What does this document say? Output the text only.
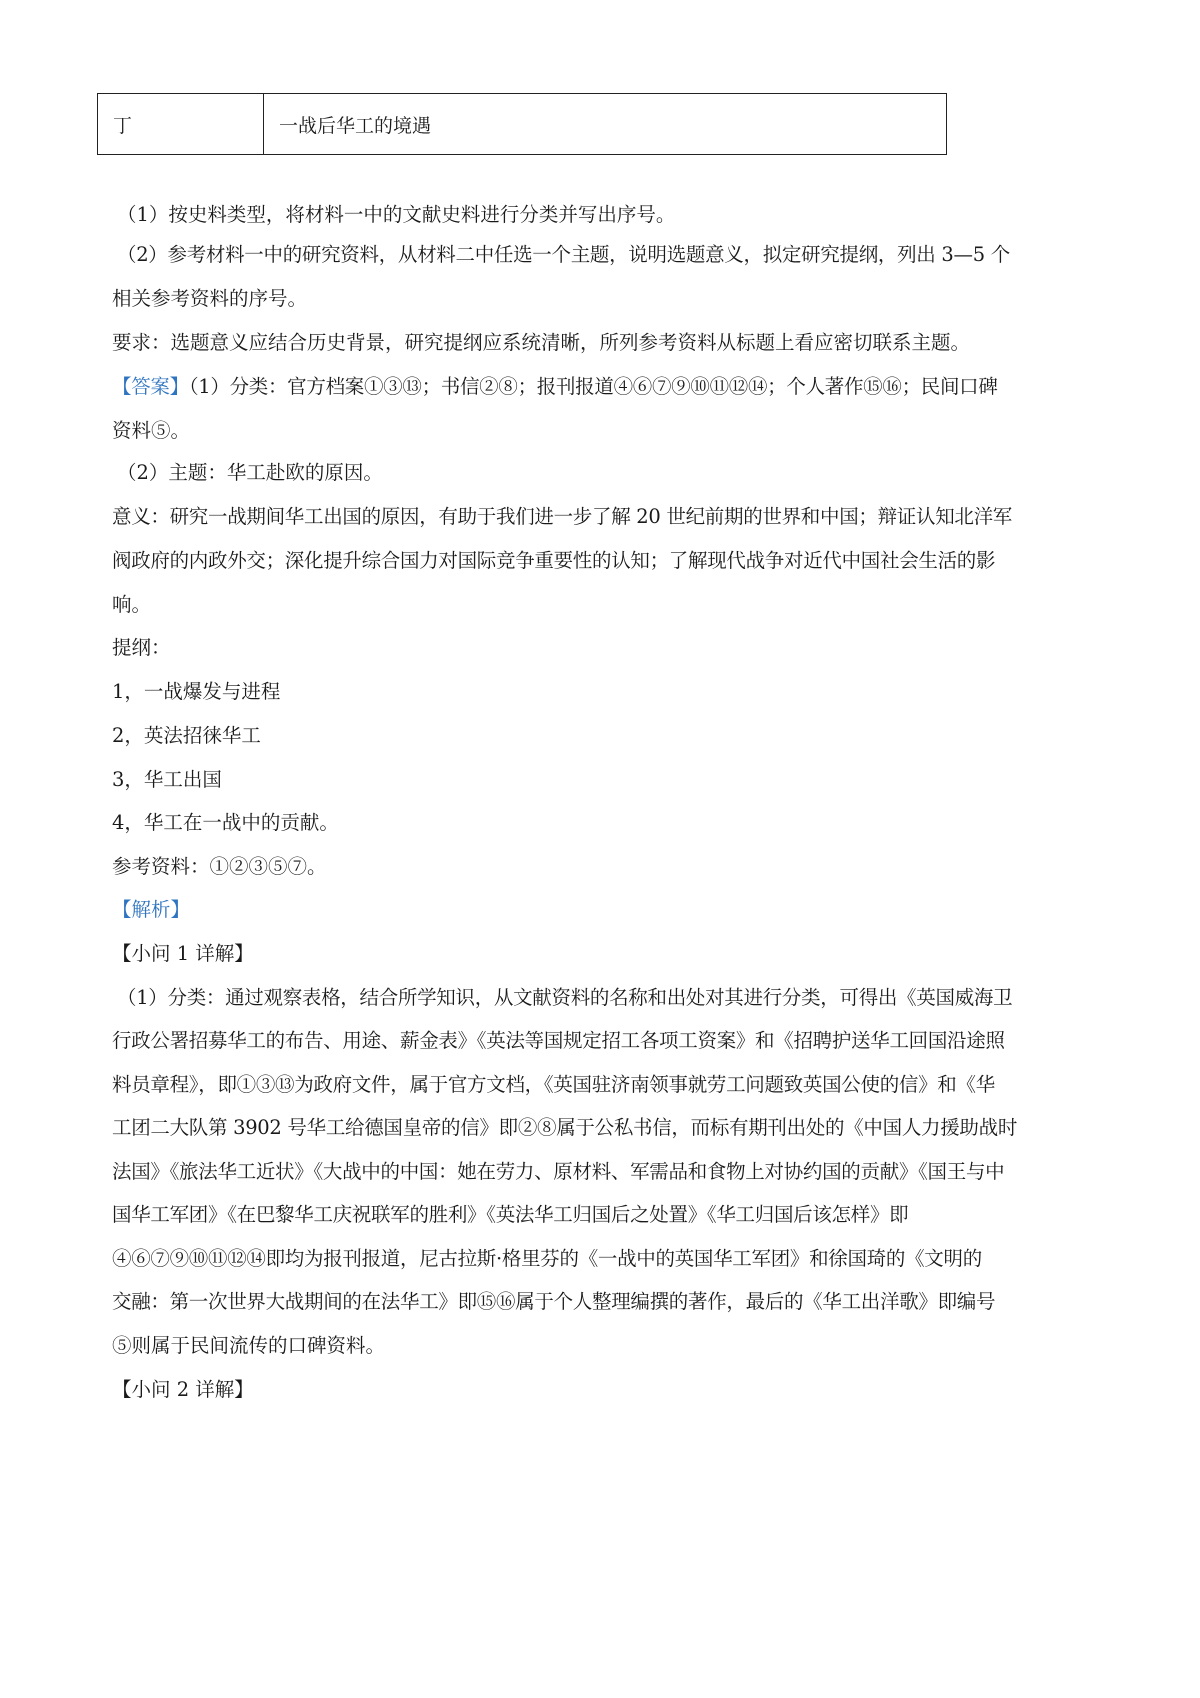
丁	一战后华工的境遇
（1）按史料类型，将材料一中的文献史料进行分类并写出序号。
（2）参考材料一中的研究资料，从材料二中任选一个主题，说明选题意义，拟定研究提纲，列出 3—5 个
相关参考资料的序号。
要求：选题意义应结合历史背景，研究提纲应系统清晰，所列参考资料从标题上看应密切联系主题。
【答案】（1）分类：官方档案①③⑬；书信②⑧；报刊报道④⑥⑦⑨⑩⑪⑫⑭；个人著作⑮⑯；民间口碑
资料⑤。
（2）主题：华工赴欧的原因。
意义：研究一战期间华工出国的原因，有助于我们进一步了解 20 世纪前期的世界和中国；辩证认知北洋军
阀政府的内政外交；深化提升综合国力对国际竞争重要性的认知；了解现代战争对近代中国社会生活的影
响。
提纲：
1，一战爆发与进程
2，英法招徕华工
3，华工出国
4，华工在一战中的贡献。
参考资料：①②③⑤⑦。
【解析】
【小问 1 详解】
（1）分类：通过观察表格，结合所学知识，从文献资料的名称和出处对其进行分类，可得出《英国威海卫
行政公署招募华工的布告、用途、薪金表》《英法等国规定招工各项工资案》和《招聘护送华工回国沿途照
料员章程》，即①③⑬为政府文件，属于官方文档，《英国驻济南领事就劳工问题致英国公使的信》和《华
工团二大队第 3902 号华工给德国皇帝的信》即②⑧属于公私书信，而标有期刊出处的《中国人力援助战时
法国》《旅法华工近状》《大战中的中国：她在劳力、原材料、军需品和食物上对协约国的贡献》《国王与中
国华工军团》《在巴黎华工庆祝联军的胜利》《英法华工归国后之处置》《华工归国后该怎样》即
④⑥⑦⑨⑩⑪⑫⑭即均为报刊报道，尼古拉斯·格里芬的《一战中的英国华工军团》和徐国琦的《文明的
交融：第一次世界大战期间的在法华工》即⑮⑯属于个人整理编撰的著作，最后的《华工出洋歌》即编号
⑤则属于民间流传的口碑资料。
【小问 2 详解】
